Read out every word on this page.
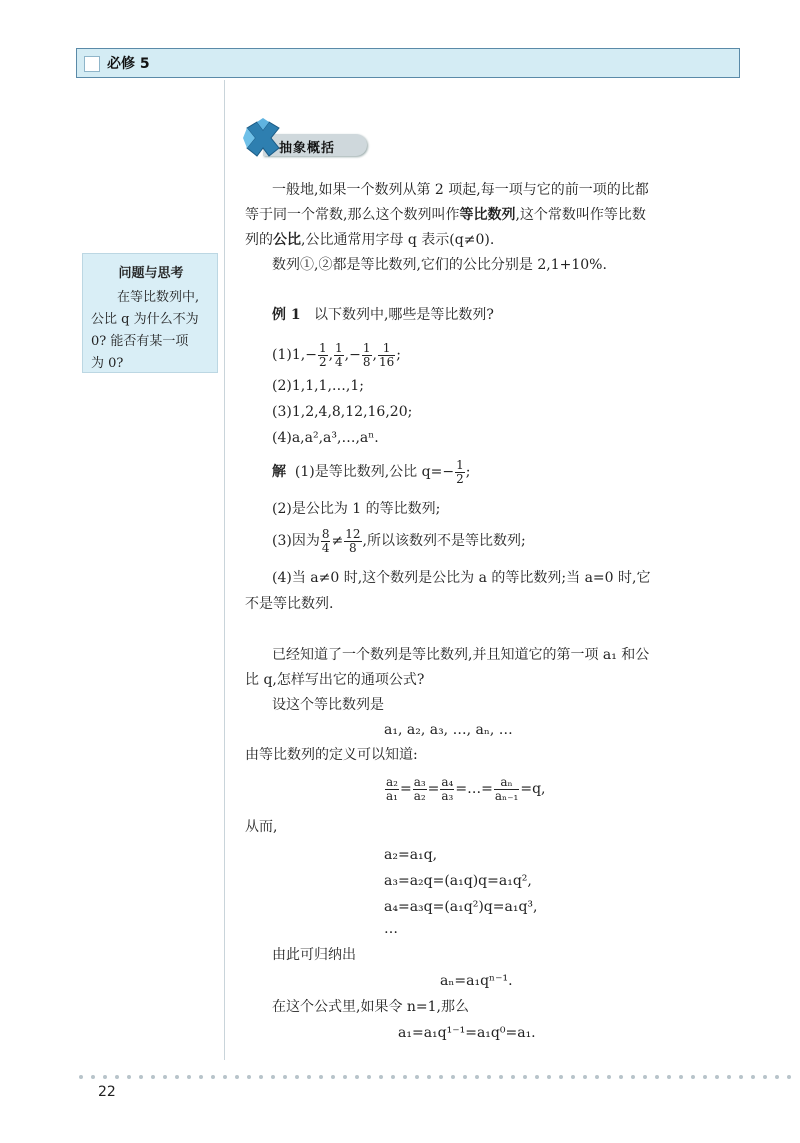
必修 5
抽象概括
问题与思考
在等比数列中,
公比 q 为什么不为
0? 能否有某一项
为 0?
一般地,如果一个数列从第 2 项起,每一项与它的前一项的比都
等于同一个常数,那么这个数列叫作等比数列,这个常数叫作等比数
列的公比,公比通常用字母 q 表示(q≠0).
数列①,②都是等比数列,它们的公比分别是 2,1+10%.
例 1 以下数列中,哪些是等比数列?
$(1)1,- \frac{1}{2}$ , $\frac{1}{4}$ ,− $\frac{1}{8}$ , $\frac{1}{16}$ ;
(2)1,1,1,…,1;
(3)1,2,4,8,12,16,20;
(4)a,a²,a³,…,aⁿ.
解 (1)是等比数列,公比 $q=- \frac{1}{2}$ ;
(2)是公比为 1 的等比数列;
(3)因为 $\frac{8}{4} \ne \frac{12}{8}$ ,所以该数列不是等比数列;
(4)当 a≠0 时,这个数列是公比为 a 的等比数列;当 a=0 时,它
不是等比数列.
已经知道了一个数列是等比数列,并且知道它的第一项 a₁ 和公
比 q,怎样写出它的通项公式?
设这个等比数列是
a₁, a₂, a₃, …, aₙ, …
由等比数列的定义可以知道:
$\frac{\text{a₂}}{\text{a₁}} = \frac{\text{a₃}}{\text{a₂}} = \frac{\text{a₄}}{\text{a₃}}$ =…= $\frac{\text{aₙ}}{\text{aₙ₋₁}} =q$,
从而,
a₂=a₁q,
a₃=a₂q=(a₁q)q=a₁q²,
a₄=a₃q=(a₁q²)q=a₁q³,
…
由此可归纳出
aₙ=a₁qⁿ⁻¹.
在这个公式里,如果令 n=1,那么
a₁=a₁q¹⁻¹=a₁q⁰=a₁.
22
